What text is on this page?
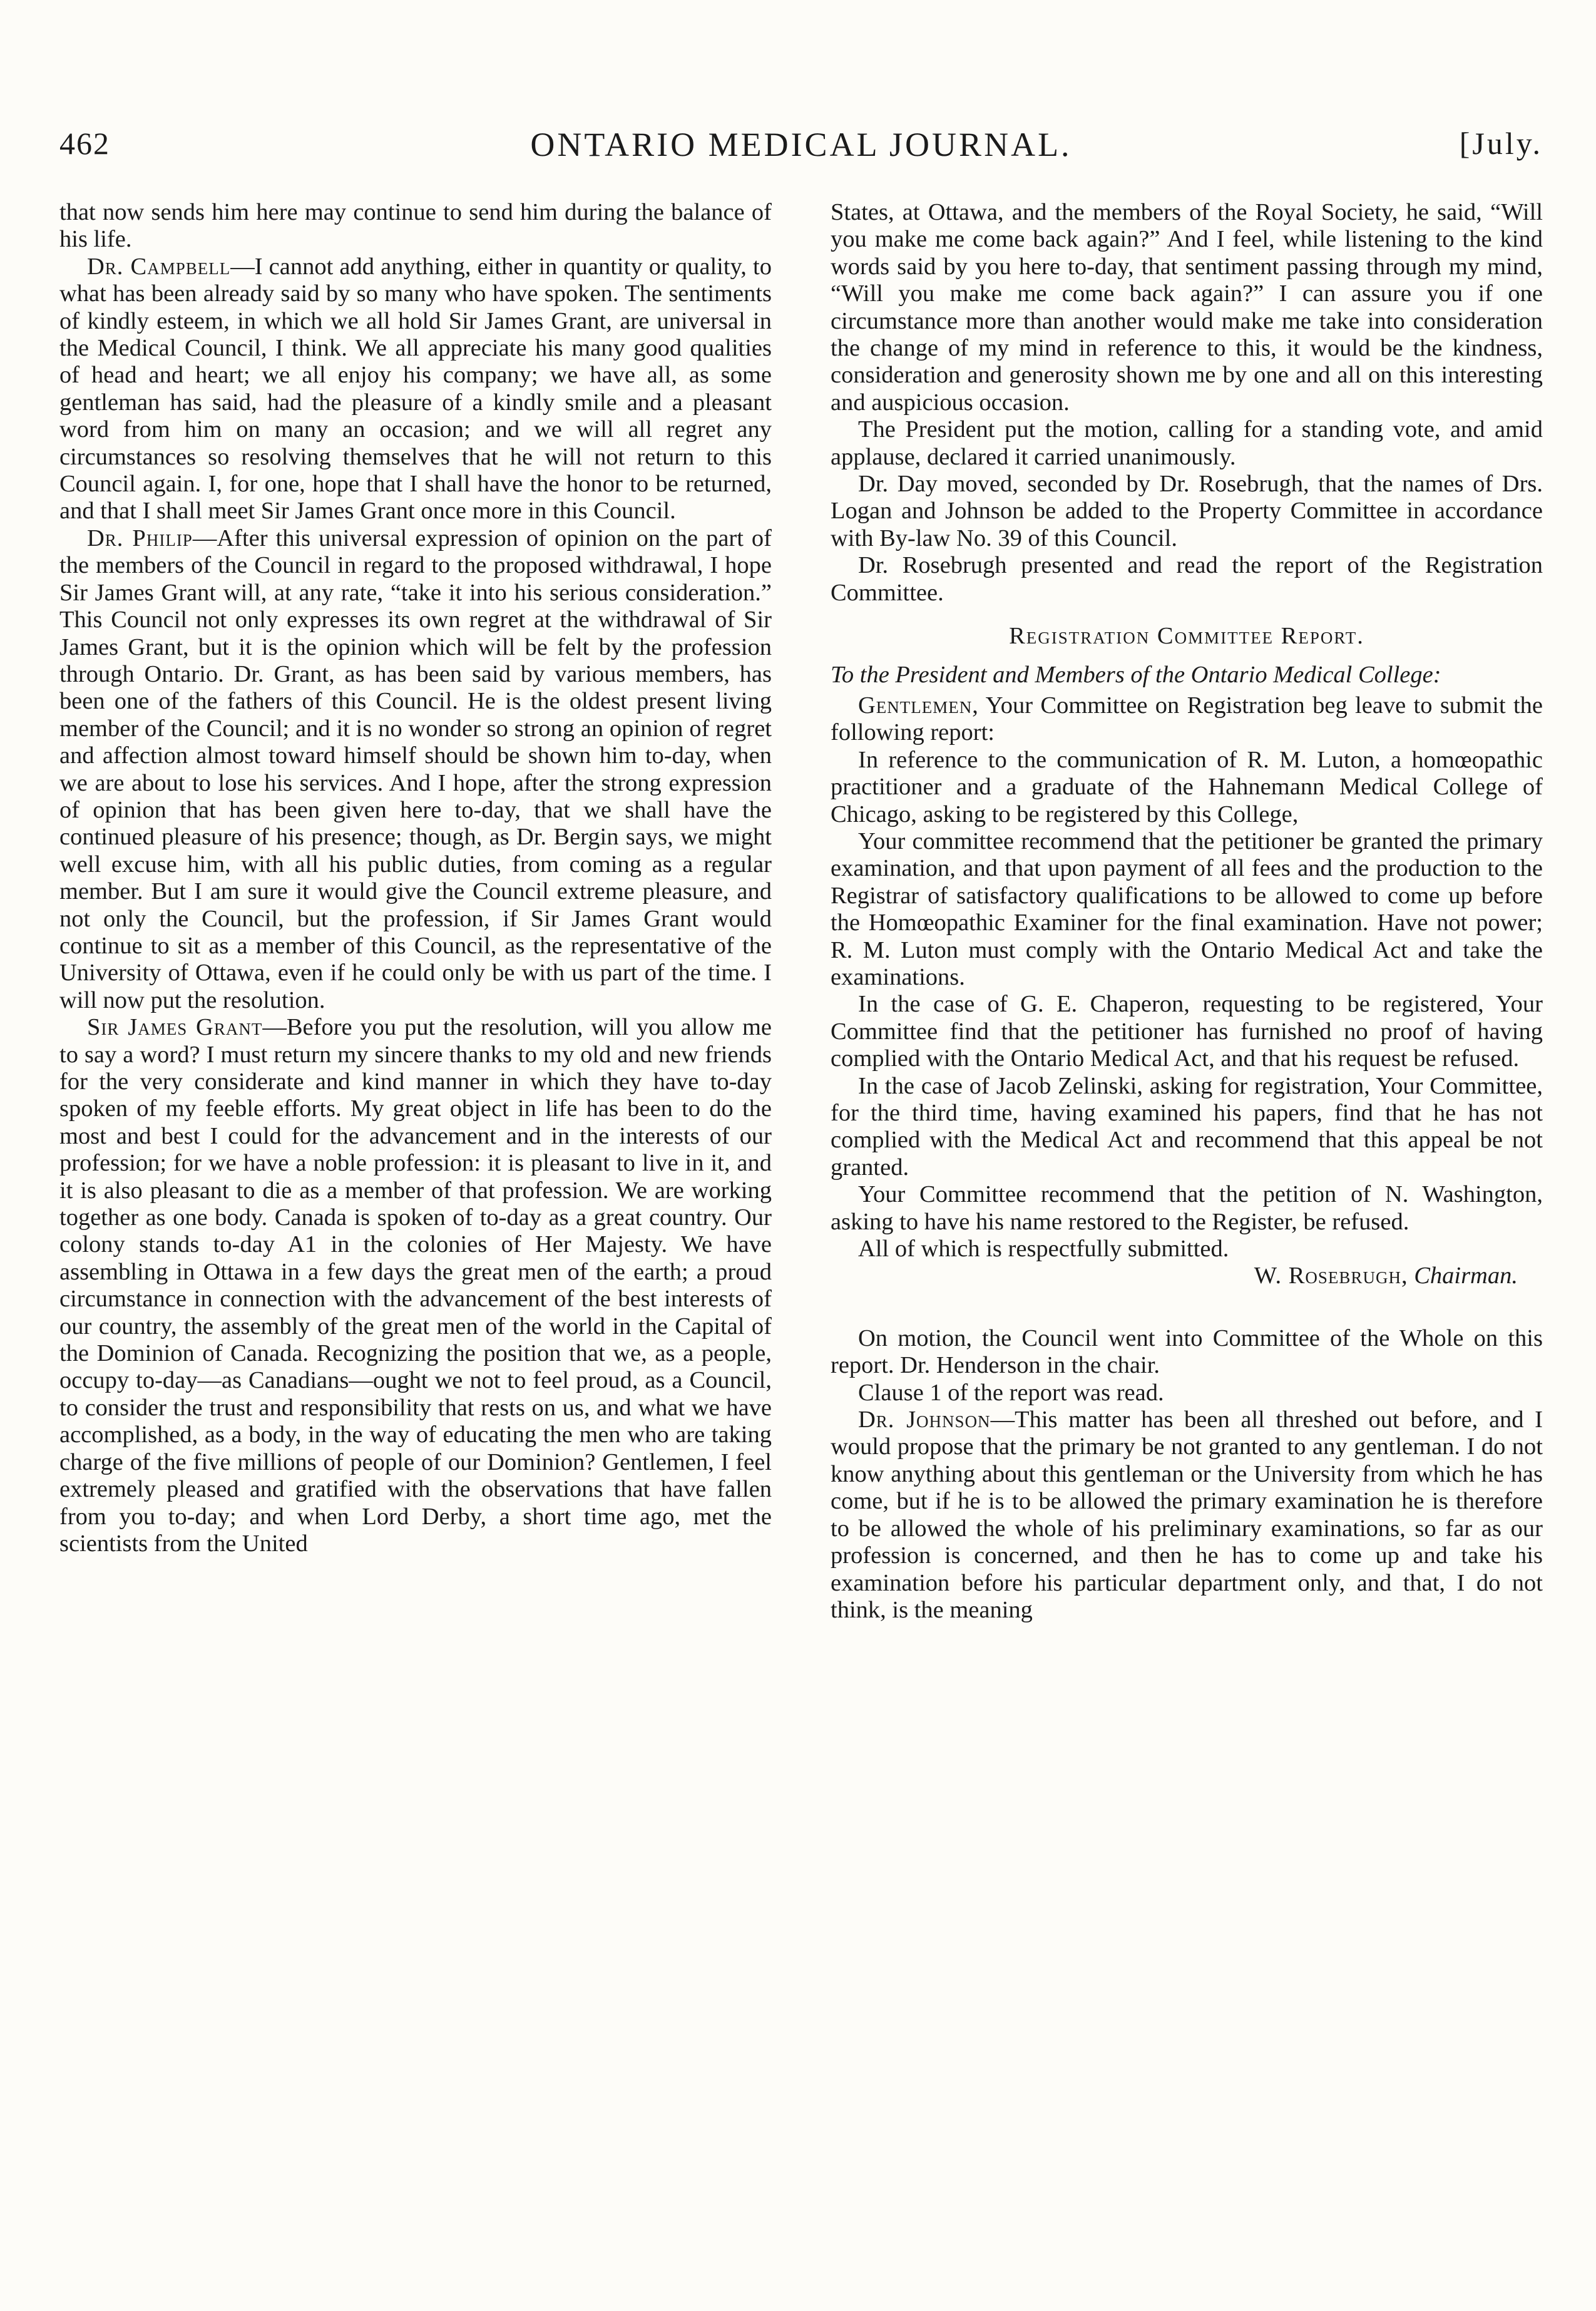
462	ONTARIO MEDICAL JOURNAL.	[July.

that now sends him here may continue to send him during the balance of his life.

Dr. Campbell—I cannot add anything, either in quantity or quality, to what has been already said by so many who have spoken. The sentiments of kindly esteem, in which we all hold Sir James Grant, are universal in the Medical Council, I think. We all appreciate his many good qualities of head and heart; we all enjoy his company; we have all, as some gentleman has said, had the pleasure of a kindly smile and a pleasant word from him on many an occasion; and we will all regret any circumstances so resolving themselves that he will not return to this Council again. I, for one, hope that I shall have the honor to be returned, and that I shall meet Sir James Grant once more in this Council.

Dr. Philip—After this universal expression of opinion on the part of the members of the Council in regard to the proposed withdrawal, I hope Sir James Grant will, at any rate, “take it into his serious consideration.” This Council not only expresses its own regret at the withdrawal of Sir James Grant, but it is the opinion which will be felt by the profession through Ontario. Dr. Grant, as has been said by various members, has been one of the fathers of this Council. He is the oldest present living member of the Council; and it is no wonder so strong an opinion of regret and affection almost toward himself should be shown him to-day, when we are about to lose his services. And I hope, after the strong expression of opinion that has been given here to-day, that we shall have the continued pleasure of his presence; though, as Dr. Bergin says, we might well excuse him, with all his public duties, from coming as a regular member. But I am sure it would give the Council extreme pleasure, and not only the Council, but the profession, if Sir James Grant would continue to sit as a member of this Council, as the representative of the University of Ottawa, even if he could only be with us part of the time. I will now put the resolution.

Sir James Grant—Before you put the resolution, will you allow me to say a word? I must return my sincere thanks to my old and new friends for the very considerate and kind manner in which they have to-day spoken of my feeble efforts. My great object in life has been to do the most and best I could for the advancement and in the interests of our profession; for we have a noble profession: it is pleasant to live in it, and it is also pleasant to die as a member of that profession. We are working together as one body. Canada is spoken of to-day as a great country. Our colony stands to-day A1 in the colonies of Her Majesty. We have assembling in Ottawa in a few days the great men of the earth; a proud circumstance in connection with the advancement of the best interests of our country, the assembly of the great men of the world in the Capital of the Dominion of Canada. Recognizing the position that we, as a people, occupy to-day—as Canadians—ought we not to feel proud, as a Council, to consider the trust and responsibility that rests on us, and what we have accomplished, as a body, in the way of educating the men who are taking charge of the five millions of people of our Dominion? Gentlemen, I feel extremely pleased and gratified with the observations that have fallen from you to-day; and when Lord Derby, a short time ago, met the scientists from the United

States, at Ottawa, and the members of the Royal Society, he said, “Will you make me come back again?” And I feel, while listening to the kind words said by you here to-day, that sentiment passing through my mind, “Will you make me come back again?” I can assure you if one circumstance more than another would make me take into consideration the change of my mind in reference to this, it would be the kindness, consideration and generosity shown me by one and all on this interesting and auspicious occasion.

The President put the motion, calling for a standing vote, and amid applause, declared it carried unanimously.

Dr. Day moved, seconded by Dr. Rosebrugh, that the names of Drs. Logan and Johnson be added to the Property Committee in accordance with By-law No. 39 of this Council.

Dr. Rosebrugh presented and read the report of the Registration Committee.

Registration Committee Report.

To the President and Members of the Ontario Medical College:

Gentlemen, Your Committee on Registration beg leave to submit the following report:

In reference to the communication of R. M. Luton, a homœopathic practitioner and a graduate of the Hahnemann Medical College of Chicago, asking to be registered by this College,

Your committee recommend that the petitioner be granted the primary examination, and that upon payment of all fees and the production to the Registrar of satisfactory qualifications to be allowed to come up before the Homœopathic Examiner for the final examination. Have not power; R. M. Luton must comply with the Ontario Medical Act and take the examinations.

In the case of G. E. Chaperon, requesting to be registered, Your Committee find that the petitioner has furnished no proof of having complied with the Ontario Medical Act, and that his request be refused.

In the case of Jacob Zelinski, asking for registration, Your Committee, for the third time, having examined his papers, find that he has not complied with the Medical Act and recommend that this appeal be not granted.

Your Committee recommend that the petition of N. Washington, asking to have his name restored to the Register, be refused.

All of which is respectfully submitted.

W. Rosebrugh, Chairman.

On motion, the Council went into Committee of the Whole on this report. Dr. Henderson in the chair.

Clause 1 of the report was read.

Dr. Johnson—This matter has been all threshed out before, and I would propose that the primary be not granted to any gentleman. I do not know anything about this gentleman or the University from which he has come, but if he is to be allowed the primary examination he is therefore to be allowed the whole of his preliminary examinations, so far as our profession is concerned, and then he has to come up and take his examination before his particular department only, and that, I do not think, is the meaning
